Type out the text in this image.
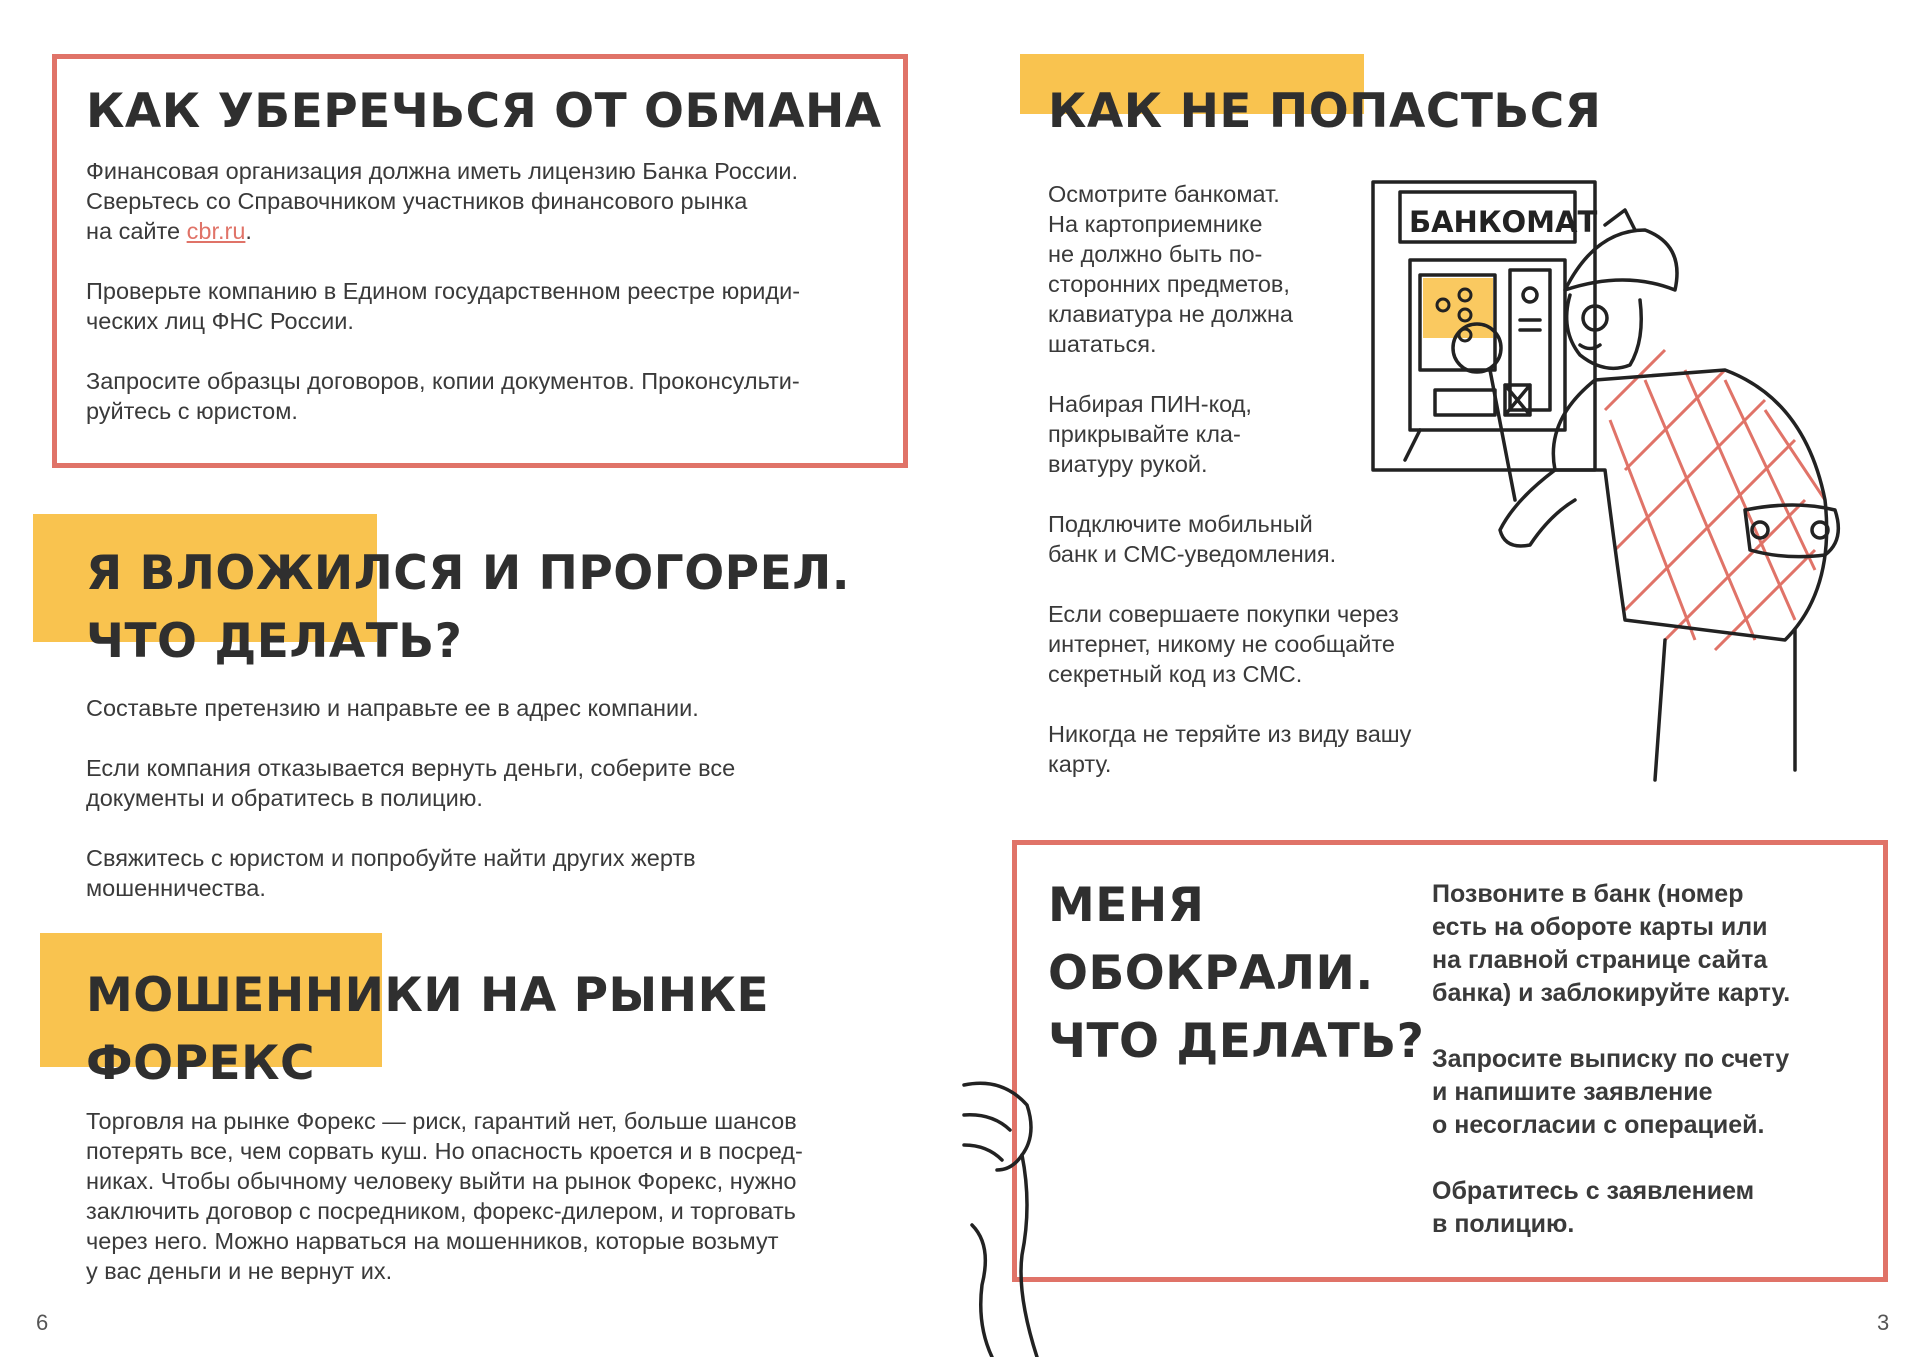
КАК УБЕРЕЧЬСЯ ОТ ОБМАНА

Финансовая организация должна иметь лицензию Банка России.
Сверьтесь со Справочником участников финансового рынка
на сайте cbr.ru.

Проверьте компанию в Едином государственном реестре юриди-
ческих лиц ФНС России.

Запросите образцы договоров, копии документов. Проконсульти-
руйтесь с юристом.

Я ВЛОЖИЛСЯ И ПРОГОРЕЛ.
ЧТО ДЕЛАТЬ?

Составьте претензию и направьте ее в адрес компании.

Если компания отказывается вернуть деньги, соберите все
документы и обратитесь в полицию.

Свяжитесь с юристом и попробуйте найти других жертв
мошенничества.

МОШЕННИКИ НА РЫНКЕ
ФОРЕКС

Торговля на рынке Форекс — риск, гарантий нет, больше шансов
потерять все, чем сорвать куш. Но опасность кроется и в посред-
никах. Чтобы обычному человеку выйти на рынок Форекс, нужно
заключить договор с посредником, форекс-дилером, и торговать
через него. Можно нарваться на мошенников, которые возьмут
у вас деньги и не вернут их.

6
КАК НЕ ПОПАСТЬСЯ

Осмотрите банкомат.
На картоприемнике
не должно быть по-
сторонних предметов,
клавиатура не должна
шататься.

Набирая ПИН-код,
прикрывайте кла-
виатуру рукой.

Подключите мобильный
банк и СМС-уведомления.

Если совершаете покупки через
интернет, никому не сообщайте
секретный код из СМС.

Никогда не теряйте из виду вашу карту.

БАНКОМАТ
МЕНЯ
ОБОКРАЛИ.
ЧТО ДЕЛАТЬ?

Позвоните в банк (номер
есть на обороте карты или
на главной странице сайта
банка) и заблокируйте карту.

Запросите выписку по счету
и напишите заявление
о несогласии с операцией.

Обратитесь с заявлением
в полицию.

3
